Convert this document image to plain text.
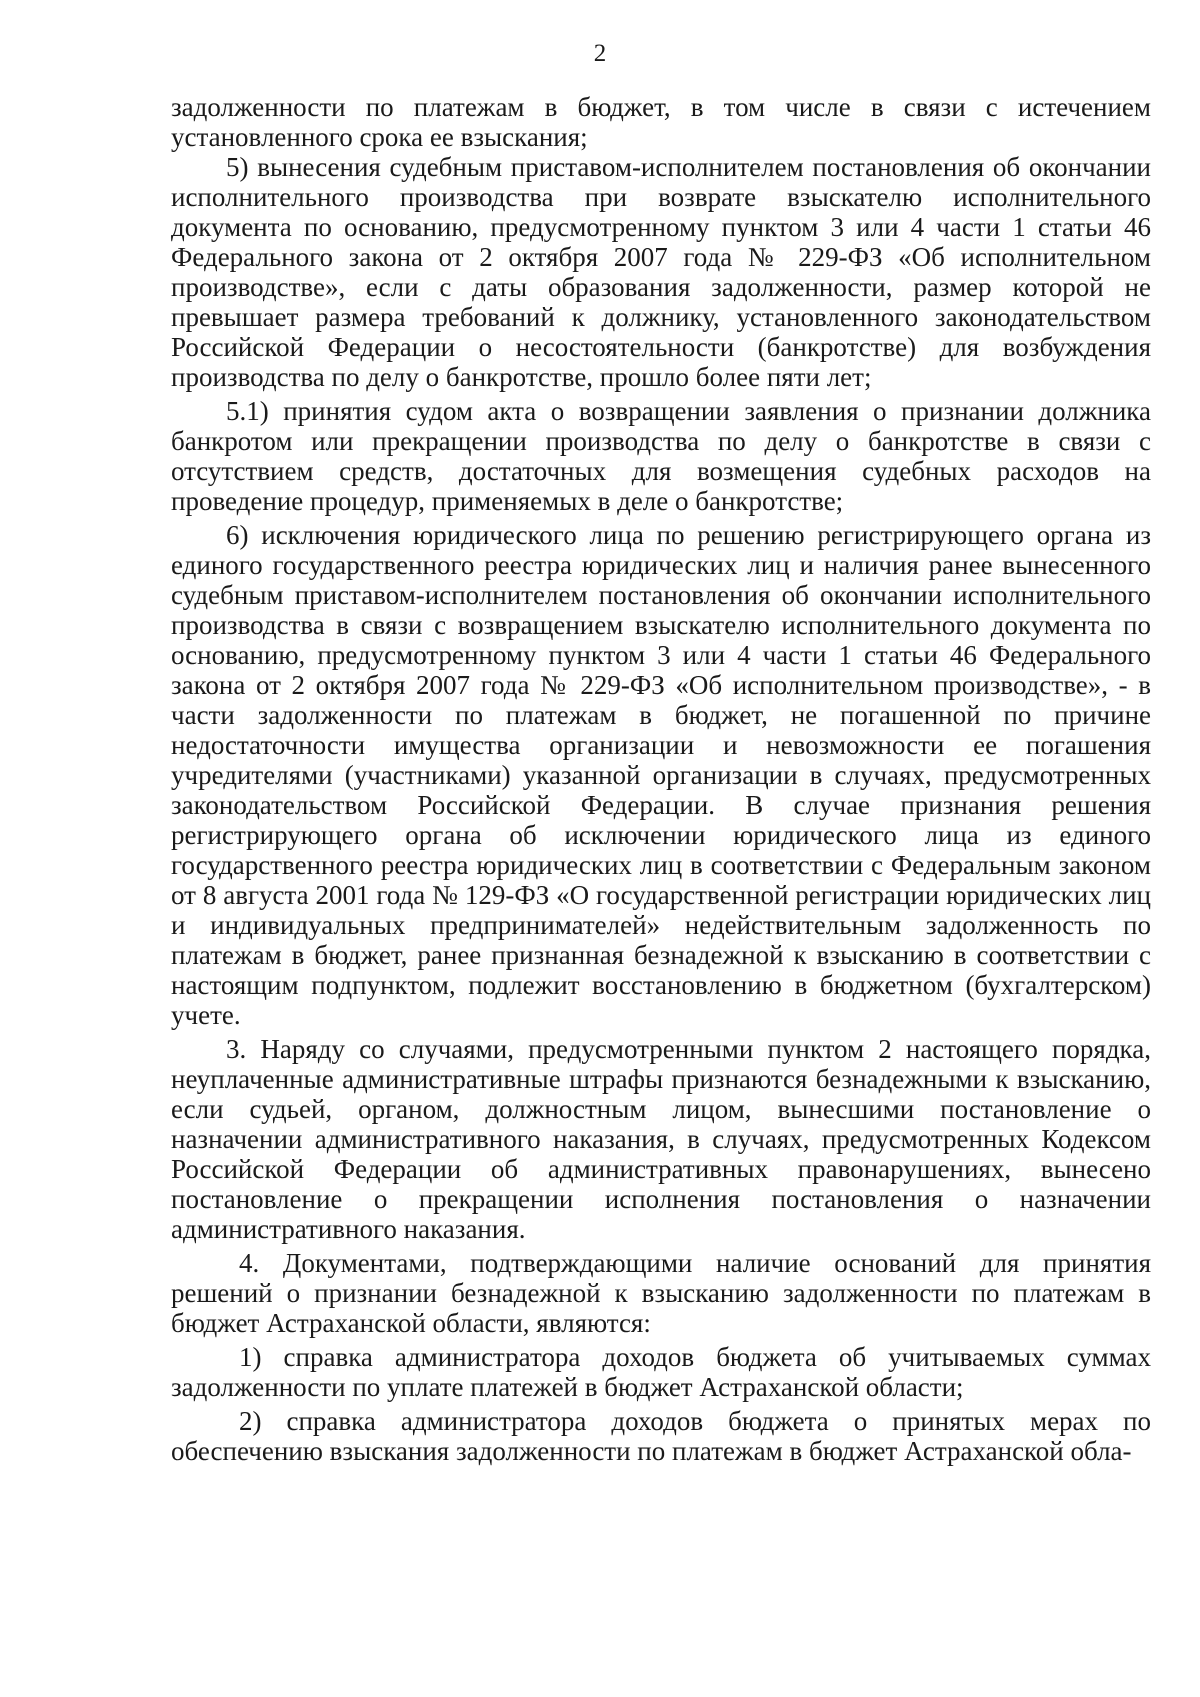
2

задолженности по платежам в бюджет, в том числе в связи с истечением установленного срока ее взыскания;

5) вынесения судебным приставом-исполнителем постановления об окончании исполнительного производства при возврате взыскателю исполнительного документа по основанию, предусмотренному пунктом 3 или 4 части 1 статьи 46 Федерального закона от 2 октября 2007 года № 229-ФЗ «Об исполнительном производстве», если с даты образования задолженности, размер которой не превышает размера требований к должнику, установленного законодательством Российской Федерации о несостоятельности (банкротстве) для возбуждения производства по делу о банкротстве, прошло более пяти лет;

5.1) принятия судом акта о возвращении заявления о признании должника банкротом или прекращении производства по делу о банкротстве в связи с отсутствием средств, достаточных для возмещения судебных расходов на проведение процедур, применяемых в деле о банкротстве;

6) исключения юридического лица по решению регистрирующего органа из единого государственного реестра юридических лиц и наличия ранее вынесенного судебным приставом-исполнителем постановления об окончании исполнительного производства в связи с возвращением взыскателю исполнительного документа по основанию, предусмотренному пунктом 3 или 4 части 1 статьи 46 Федерального закона от 2 октября 2007 года № 229-ФЗ «Об исполнительном производстве», - в части задолженности по платежам в бюджет, не погашенной по причине недостаточности имущества организации и невозможности ее погашения учредителями (участниками) указанной организации в случаях, предусмотренных законодательством Российской Федерации. В случае признания решения регистрирующего органа об исключении юридического лица из единого государственного реестра юридических лиц в соответствии с Федеральным законом от 8 августа 2001 года № 129-ФЗ «О государственной регистрации юридических лиц и индивидуальных предпринимателей» недействительным задолженность по платежам в бюджет, ранее признанная безнадежной к взысканию в соответствии с настоящим подпунктом, подлежит восстановлению в бюджетном (бухгалтерском) учете.

3. Наряду со случаями, предусмотренными пунктом 2 настоящего порядка, неуплаченные административные штрафы признаются безнадежными к взысканию, если судьей, органом, должностным лицом, вынесшими постановление о назначении административного наказания, в случаях, предусмотренных Кодексом Российской Федерации об административных правонарушениях, вынесено постановление о прекращении исполнения постановления о назначении административного наказания.

4. Документами, подтверждающими наличие оснований для принятия решений о признании безнадежной к взысканию задолженности по платежам в бюджет Астраханской области, являются:

1) справка администратора доходов бюджета об учитываемых суммах задолженности по уплате платежей в бюджет Астраханской области;

2) справка администратора доходов бюджета о принятых мерах по обеспечению взыскания задолженности по платежам в бюджет Астраханской обла-
